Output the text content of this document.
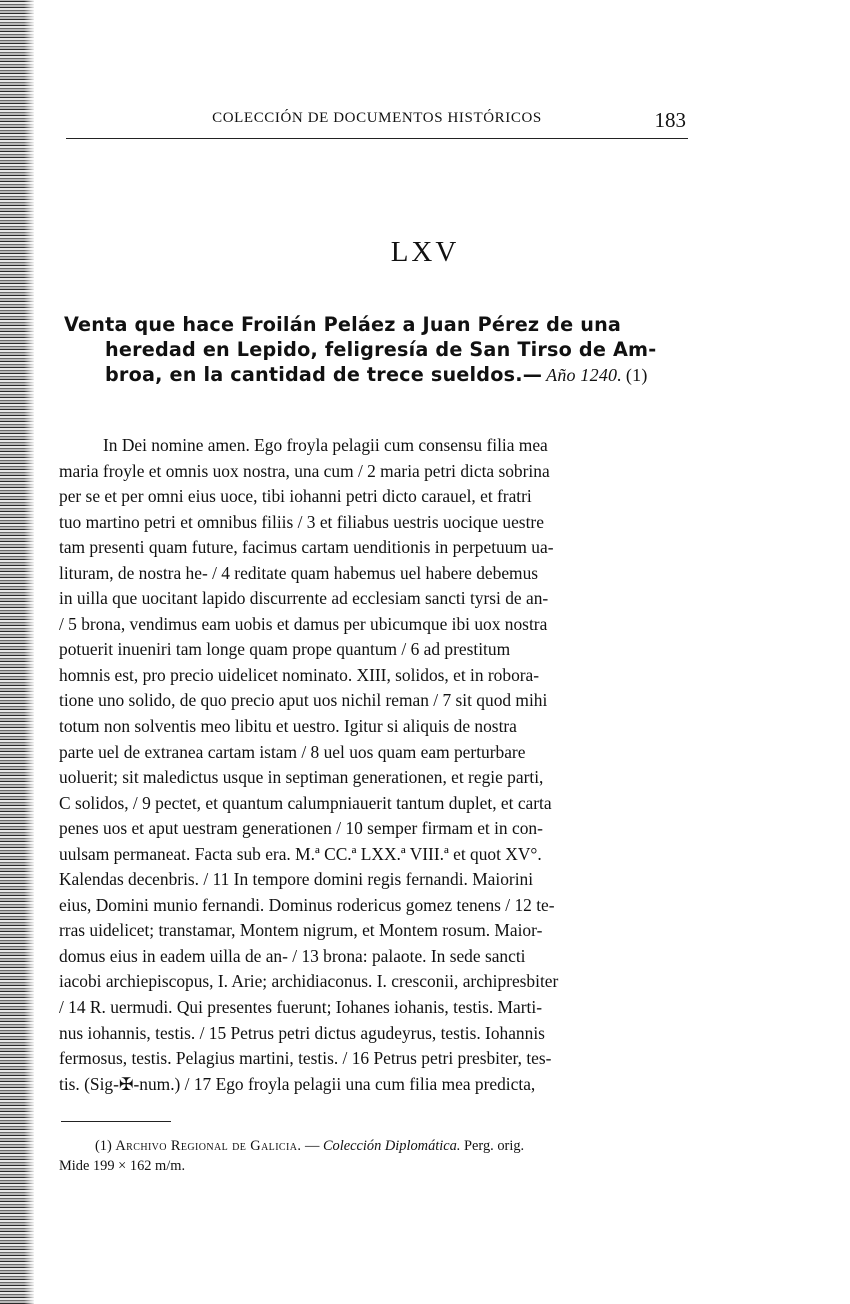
COLECCIÓN DE DOCUMENTOS HISTÓRICOS	183
LXV
Venta que hace Froilán Peláez a Juan Pérez de una
heredad en Lepido, feligresía de San Tirso de Am-
broa, en la cantidad de trece sueldos.— Año 1240. (1)
In Dei nomine amen. Ego froyla pelagii cum consensu filia mea
maria froyle et omnis uox nostra, una cum / 2 maria petri dicta sobrina
per se et per omni eius uoce, tibi iohanni petri dicto carauel, et fratri
tuo martino petri et omnibus filiis / 3 et filiabus uestris uocique uestre
tam presenti quam future, facimus cartam uenditionis in perpetuum ua-
lituram, de nostra he- / 4 reditate quam habemus uel habere debemus
in uilla que uocitant lapido discurrente ad ecclesiam sancti tyrsi de an-
/ 5 brona, vendimus eam uobis et damus per ubicumque ibi uox nostra
potuerit inueniri tam longe quam prope quantum / 6 ad prestitum
homnis est, pro precio uidelicet nominato. XIII, solidos, et in robora-
tione uno solido, de quo precio aput uos nichil reman / 7 sit quod mihi
totum non solventis meo libitu et uestro. Igitur si aliquis de nostra
parte uel de extranea cartam istam / 8 uel uos quam eam perturbare
uoluerit; sit maledictus usque in septiman generationen, et regie parti,
C solidos, / 9 pectet, et quantum calumpniauerit tantum duplet, et carta
penes uos et aput uestram generationen / 10 semper firmam et in con-
uulsam permaneat. Facta sub era. M.ª CC.ª LXX.ª VIII.ª et quot XV°.
Kalendas decenbris. / 11 In tempore domini regis fernandi. Maiorini
eius, Domini munio fernandi. Dominus rodericus gomez tenens / 12 te-
rras uidelicet; transtamar, Montem nigrum, et Montem rosum. Maior-
domus eius in eadem uilla de an- / 13 brona: palaote. In sede sancti
iacobi archiepiscopus, I. Arie; archidiaconus. I. cresconii, archipresbiter
/ 14 R. uermudi. Qui presentes fuerunt; Iohanes iohanis, testis. Marti-
nus iohannis, testis. / 15 Petrus petri dictus agudeyrus, testis. Iohannis
fermosus, testis. Pelagius martini, testis. / 16 Petrus petri presbiter, tes-
tis. (Sig-✠-num.) / 17 Ego froyla pelagii una cum filia mea predicta,
(1) Archivo Regional de Galicia. — Colección Diplomática. Perg. orig.
Mide 199 × 162 m/m.
